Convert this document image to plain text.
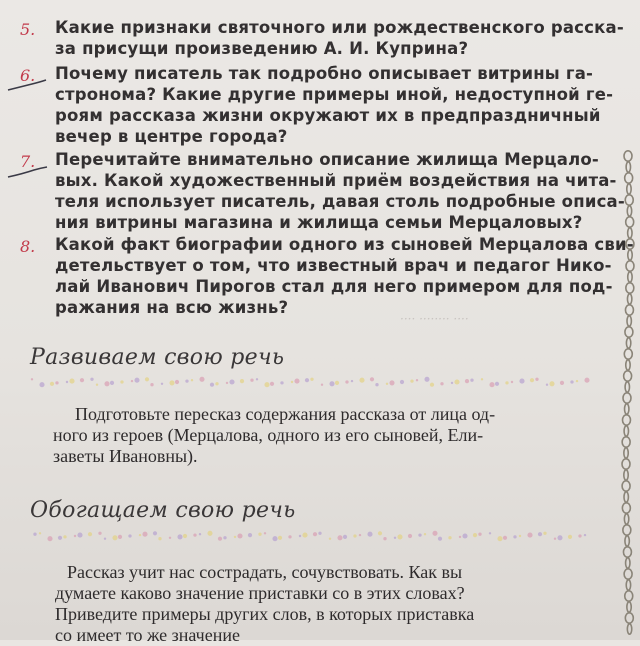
5. Какие признаки святочного или рождественского расска-
за присущи произведению А. И. Куприна?
6. Почему писатель так подробно описывает витрины га-
стронома? Какие другие примеры иной, недоступной ге-
роям рассказа жизни окружают их в предпраздничный
вечер в центре города?
7. Перечитайте внимательно описание жилища Мерцало-
вых. Какой художественный приём воздействия на чита-
теля использует писатель, давая столь подробные описа-
ния витрины магазина и жилища семьи Мерцаловых?
8. Какой факт биографии одного из сыновей Мерцалова сви-
детельствует о том, что известный врач и педагог Нико-
лай Иванович Пирогов стал для него примером для под-
ражания на всю жизнь?
···· ········ ····
Развиваем свою речь
Подготовьте пересказ содержания рассказа от лица од-
ного из героев (Мерцалова, одного из его сыновей, Ели-
заветы Ивановны).
Обогащаем свою речь
Рассказ учит нас сострадать, сочувствовать. Как вы
думаете каково значение приставки со в этих словах?
Приведите примеры других слов, в которых приставка
со имеет то же значение
